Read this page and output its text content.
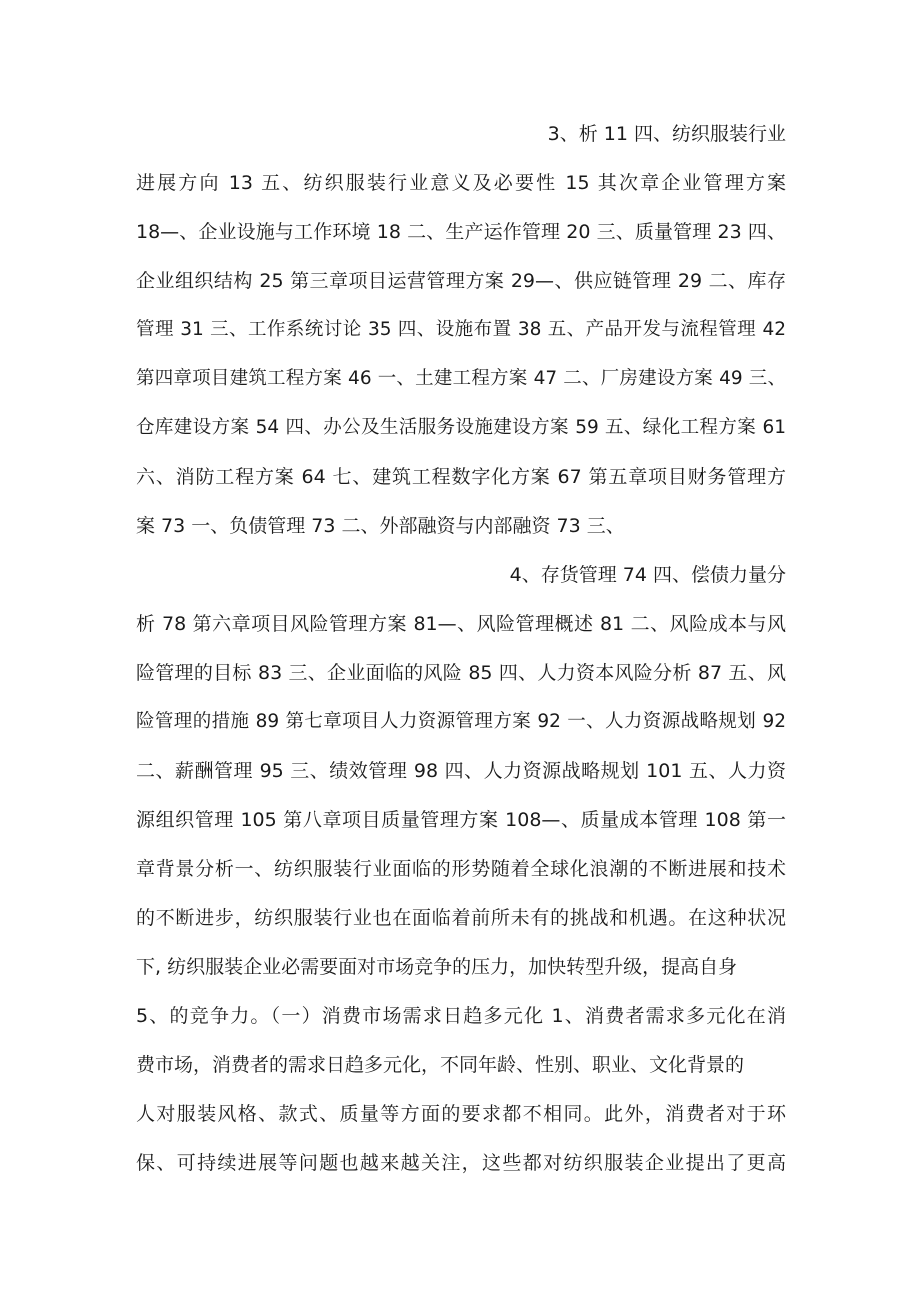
3、析 11 四、纺织服装行业
进展方向 13 五、纺织服装行业意义及必要性 15 其次章企业管理方案
18—、企业设施与工作环境 18 二、生产运作管理 20 三、质量管理 23 四、
企业组织结构 25 第三章项目运营管理方案 29—、供应链管理 29 二、库存
管理 31 三、工作系统讨论 35 四、设施布置 38 五、产品开发与流程管理 42
第四章项目建筑工程方案 46 一、土建工程方案 47 二、厂房建设方案 49 三、
仓库建设方案 54 四、办公及生活服务设施建设方案 59 五、绿化工程方案 61
六、消防工程方案 64 七、建筑工程数字化方案 67 第五章项目财务管理方
案 73 一、负债管理 73 二、外部融资与内部融资 73 三、
4、存货管理 74 四、偿债力量分
析 78 第六章项目风险管理方案 81—、风险管理概述 81 二、风险成本与风
险管理的目标 83 三、企业面临的风险 85 四、人力资本风险分析 87 五、风
险管理的措施 89 第七章项目人力资源管理方案 92 一、人力资源战略规划 92
二、薪酬管理 95 三、绩效管理 98 四、人力资源战略规划 101 五、人力资
源组织管理 105 第八章项目质量管理方案 108—、质量成本管理 108 第一
章背景分析一、纺织服装行业面临的形势随着全球化浪潮的不断进展和技术
的不断进步，纺织服装行业也在面临着前所未有的挑战和机遇。在这种状况
下, 纺织服装企业必需要面对市场竞争的压力，加快转型升级，提高自身
5、的竞争力。（一）消费市场需求日趋多元化 1、消费者需求多元化在消
费市场，消费者的需求日趋多元化，不同年龄、性别、职业、文化背景的
人对服装风格、款式、质量等方面的要求都不相同。此外，消费者对于环
保、可持续进展等问题也越来越关注，这些都对纺织服装企业提出了更高
